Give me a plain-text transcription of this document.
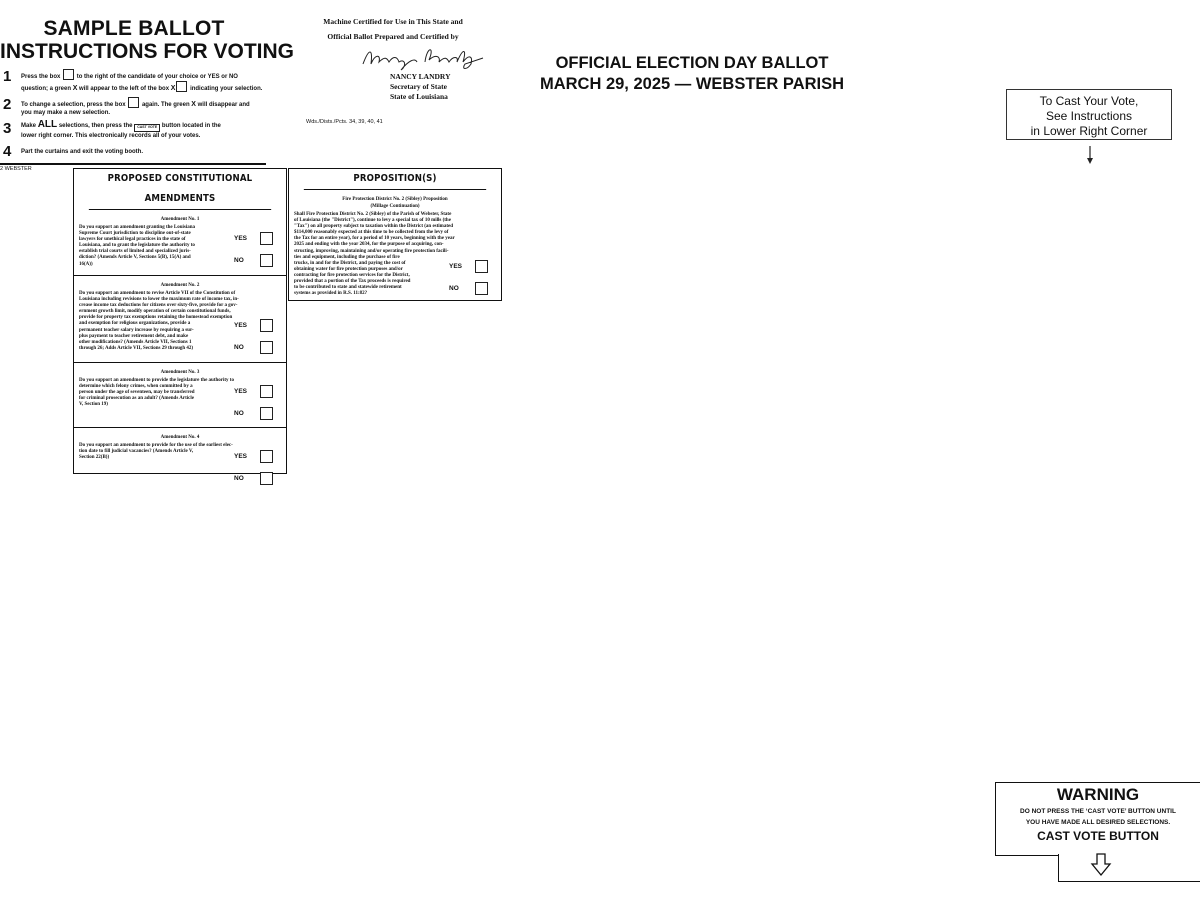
SAMPLE BALLOT
INSTRUCTIONS FOR VOTING
1	Press the box	to the right of the candidate of your choice or YES or NO
question; a green X will appear to the left of the box X indicating your selection.
2	To change a selection, press the box	again. The green X will disappear and
you may make a new selection.
3	Make ALL selections, then press the CAST VOTE button located in the
lower right corner. This electronically records all of your votes.
4	Part the curtains and exit the voting booth.
2 WEBSTER
Machine Certified for Use in This State and
Official Ballot Prepared and Certified by
NANCY LANDRY
Secretary of State
State of Louisiana
Wds./Dists./Pcts. 34, 39, 40, 41
OFFICIAL ELECTION DAY BALLOT
MARCH 29, 2025 — WEBSTER PARISH
To Cast Your Vote,
See Instructions
in Lower Right Corner
PROPOSED CONSTITUTIONAL AMENDMENTS
Amendment No. 1
Do you support an amendment granting the Louisiana
Supreme Court jurisdiction to discipline out-of-state
lawyers for unethical legal practices in the state of
Louisiana, and to grant the legislature the authority to
establish trial courts of limited and specialized juris-
diction? (Amends Article V, Sections 5(B), 15(A) and
16(A))
YES
NO
Amendment No. 2
Do you support an amendment to revise Article VII of the Constitution of
Louisiana including revisions to lower the maximum rate of income tax, in-
crease income tax deductions for citizens over sixty-five, provide for a gov-
ernment growth limit, modify operation of certain constitutional funds,
provide for property tax exemptions retaining the homestead exemption
and exemption for religious organizations, provide a
permanent teacher salary increase by requiring a sur-
plus payment to teacher retirement debt, and make
other modifications? (Amends Article VII, Sections 1
through 26; Adds Article VII, Sections 29 through 42)
YES
NO
Amendment No. 3
Do you support an amendment to provide the legislature the authority to
determine which felony crimes, when committed by a
person under the age of seventeen, may be transferred
for criminal prosecution as an adult? (Amends Article
V, Section 19)
YES
NO
Amendment No. 4
Do you support an amendment to provide for the use of the earliest elec-
tion date to fill judicial vacancies? (Amends Article V,
Section 22(B))	YES
NO
PROPOSITION(S)
Fire Protection District No. 2 (Sibley) Proposition
(Millage Continuation)
Shall Fire Protection District No. 2 (Sibley) of the Parish of Webster, State
of Louisiana (the "District"), continue to levy a special tax of 10 mills (the
"Tax") on all property subject to taxation within the District (an estimated
$114,000 reasonably expected at this time to be collected from the levy of
the Tax for an entire year), for a period of 10 years, beginning with the year
2025 and ending with the year 2034, for the purpose of acquiring, con-
structing, improving, maintaining and/or operating fire protection facili-
ties and equipment, including the purchase of fire
trucks, in and for the District, and paying the cost of
obtaining water for fire protection purposes and/or
contracting for fire protection services for the District,
provided that a portion of the Tax proceeds is required
to be contributed to state and statewide retirement
systems as provided in R.S. 11:82?
YES
NO
WARNING
DO NOT PRESS THE ‘CAST VOTE’ BUTTON UNTIL
YOU HAVE MADE ALL DESIRED SELECTIONS.
CAST VOTE BUTTON
